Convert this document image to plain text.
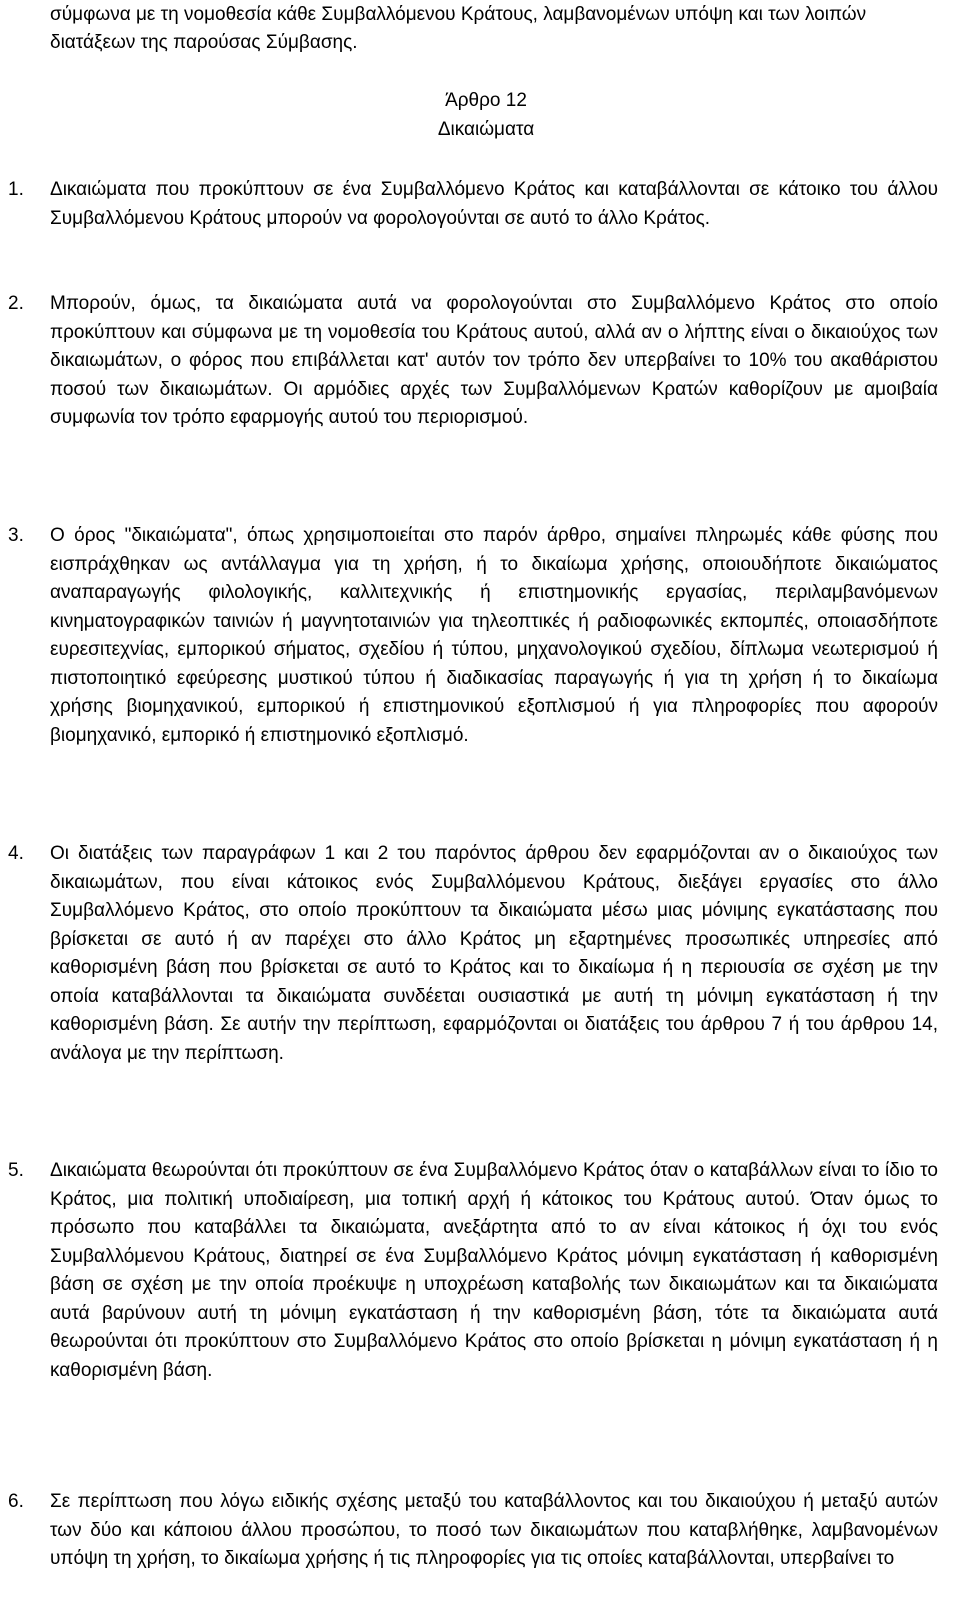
σύμφωνα με τη νομοθεσία κάθε Συμβαλλόμενου Κράτους, λαμβανομένων υπόψη και των λοιπών διατάξεων της παρούσας Σύμβασης.
Άρθρο 12
Δικαιώματα
1. Δικαιώματα που προκύπτουν σε ένα Συμβαλλόμενο Κράτος και καταβάλλονται σε κάτοικο του άλλου Συμβαλλόμενου Κράτους μπορούν να φορολογούνται σε αυτό το άλλο Κράτος.
2. Μπορούν, όμως, τα δικαιώματα αυτά να φορολογούνται στο Συμβαλλόμενο Κράτος στο οποίο προκύπτουν και σύμφωνα με τη νομοθεσία του Κράτους αυτού, αλλά αν ο λήπτης είναι ο δικαιούχος των δικαιωμάτων, ο φόρος που επιβάλλεται κατ' αυτόν τον τρόπο δεν υπερβαίνει το 10% του ακαθάριστου ποσού των δικαιωμάτων. Οι αρμόδιες αρχές των Συμβαλλόμενων Κρατών καθορίζουν με αμοιβαία συμφωνία τον τρόπο εφαρμογής αυτού του περιορισμού.
3. Ο όρος "δικαιώματα", όπως χρησιμοποιείται στο παρόν άρθρο, σημαίνει πληρωμές κάθε φύσης που εισπράχθηκαν ως αντάλλαγμα για τη χρήση, ή το δικαίωμα χρήσης, οποιουδήποτε δικαιώματος αναπαραγωγής φιλολογικής, καλλιτεχνικής ή επιστημονικής εργασίας, περιλαμβανόμενων κινηματογραφικών ταινιών ή μαγνητοταινιών για τηλεοπτικές ή ραδιοφωνικές εκπομπές, οποιασδήποτε ευρεσιτεχνίας, εμπορικού σήματος, σχεδίου ή τύπου, μηχανολογικού σχεδίου, δίπλωμα νεωτερισμού ή πιστοποιητικό εφεύρεσης μυστικού τύπου ή διαδικασίας παραγωγής ή για τη χρήση ή το δικαίωμα χρήσης βιομηχανικού, εμπορικού ή επιστημονικού εξοπλισμού ή για πληροφορίες που αφορούν βιομηχανικό, εμπορικό ή επιστημονικό εξοπλισμό.
4. Οι διατάξεις των παραγράφων 1 και 2 του παρόντος άρθρου δεν εφαρμόζονται αν ο δικαιούχος των δικαιωμάτων, που είναι κάτοικος ενός Συμβαλλόμενου Κράτους, διεξάγει εργασίες στο άλλο Συμβαλλόμενο Κράτος, στο οποίο προκύπτουν τα δικαιώματα μέσω μιας μόνιμης εγκατάστασης που βρίσκεται σε αυτό ή αν παρέχει στο άλλο Κράτος μη εξαρτημένες προσωπικές υπηρεσίες από καθορισμένη βάση που βρίσκεται σε αυτό το Κράτος και το δικαίωμα ή η περιουσία σε σχέση με την οποία καταβάλλονται τα δικαιώματα συνδέεται ουσιαστικά με αυτή τη μόνιμη εγκατάσταση ή την καθορισμένη βάση. Σε αυτήν την περίπτωση, εφαρμόζονται οι διατάξεις του άρθρου 7 ή του άρθρου 14, ανάλογα με την περίπτωση.
5. Δικαιώματα θεωρούνται ότι προκύπτουν σε ένα Συμβαλλόμενο Κράτος όταν ο καταβάλλων είναι το ίδιο το Κράτος, μια πολιτική υποδιαίρεση, μια τοπική αρχή ή κάτοικος του Κράτους αυτού. Όταν όμως το πρόσωπο που καταβάλλει τα δικαιώματα, ανεξάρτητα από το αν είναι κάτοικος ή όχι του ενός Συμβαλλόμενου Κράτους, διατηρεί σε ένα Συμβαλλόμενο Κράτος μόνιμη εγκατάσταση ή καθορισμένη βάση σε σχέση με την οποία προέκυψε η υποχρέωση καταβολής των δικαιωμάτων και τα δικαιώματα αυτά βαρύνουν αυτή τη μόνιμη εγκατάσταση ή την καθορισμένη βάση, τότε τα δικαιώματα αυτά θεωρούνται ότι προκύπτουν στο Συμβαλλόμενο Κράτος στο οποίο βρίσκεται η μόνιμη εγκατάσταση ή η καθορισμένη βάση.
6. Σε περίπτωση που λόγω ειδικής σχέσης μεταξύ του καταβάλλοντος και του δικαιούχου ή μεταξύ αυτών των δύο και κάποιου άλλου προσώπου, το ποσό των δικαιωμάτων που καταβλήθηκε, λαμβανομένων υπόψη τη χρήση, το δικαίωμα χρήσης ή τις πληροφορίες για τις οποίες καταβάλλονται, υπερβαίνει το
